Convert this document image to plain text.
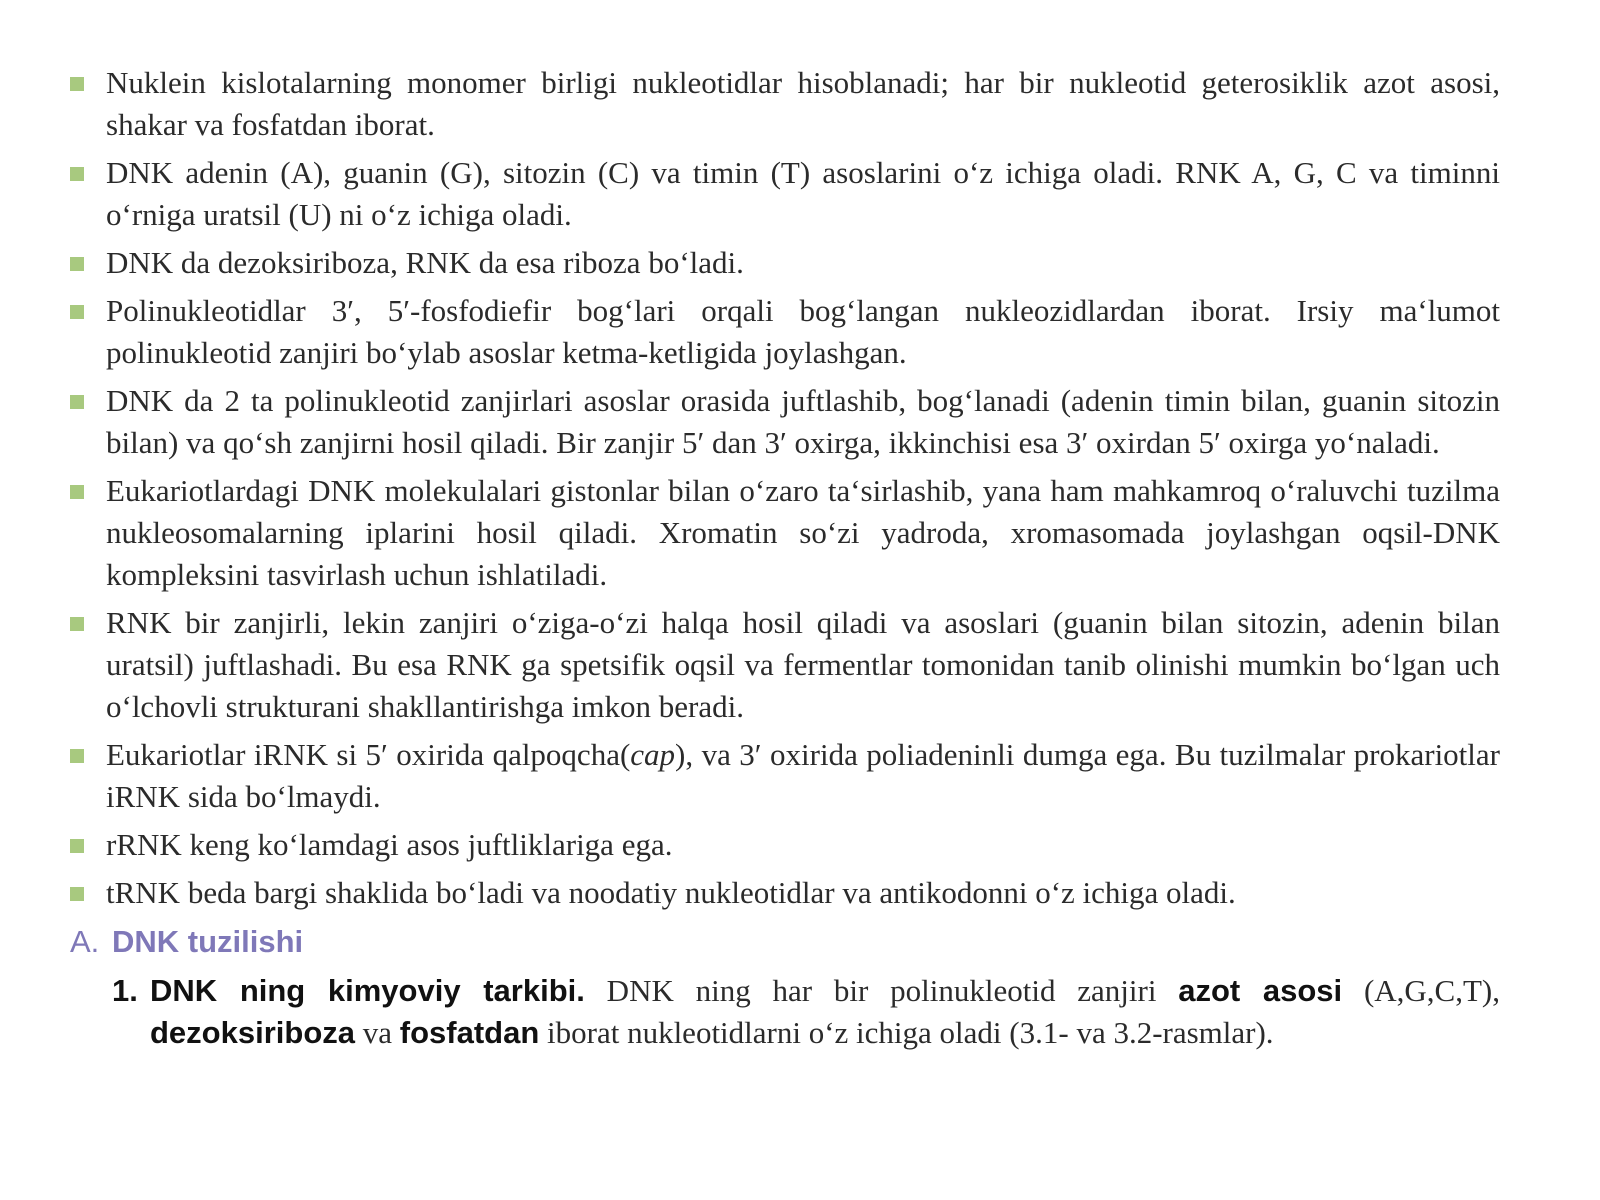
Nuklein kislotalarning monomer birligi nukleotidlar hisoblanadi; har bir nukleotid geterosiklik azot asosi, shakar va fosfatdan iborat.
DNK adenin (A), guanin (G), sitozin (C) va timin (T) asoslarini o‘z ichiga oladi. RNK A, G, C va timinni o‘rniga uratsil (U) ni o‘z ichiga oladi.
DNK da dezoksiriboza, RNK da esa riboza bo‘ladi.
Polinukleotidlar 3′, 5′-fosfodiefir bog‘lari orqali bog‘langan nukleozidlardan iborat. Irsiy ma‘lumot polinukleotid zanjiri bo‘ylab asoslar ketma-ketligida joylashgan.
DNK da 2 ta polinukleotid zanjirlari asoslar orasida juftlashib, bog‘lanadi (adenin timin bilan, guanin sitozin bilan) va qo‘sh zanjirni hosil qiladi. Bir zanjir 5′ dan 3′ oxirga, ikkinchisi esa 3′ oxirdan 5′ oxirga yo‘naladi.
Eukariotlardagi DNK molekulalari gistonlar bilan o‘zaro ta‘sirlashib, yana ham mahkamroq o‘raluvchi tuzilma nukleosomalarning iplarini hosil qiladi. Xromatin so‘zi yadroda, xromasomada joylashgan oqsil-DNK kompleksini tasvirlash uchun ishlatiladi.
RNK bir zanjirli, lekin zanjiri o‘ziga-o‘zi halqa hosil qiladi va asoslari (guanin bilan sitozin, adenin bilan uratsil) juftlashadi. Bu esa RNK ga spetsifik oqsil va fermentlar tomonidan tanib olinishi mumkin bo‘lgan uch o‘lchovli strukturani shakllantirishga imkon beradi.
Eukariotlar iRNK si 5′ oxirida qalpoqcha(cap), va 3′ oxirida poliadeninli dumga ega. Bu tuzilmalar prokariotlar iRNK sida bo‘lmaydi.
rRNK keng ko‘lamdagi asos juftliklariga ega.
tRNK beda bargi shaklida bo‘ladi va noodatiy nukleotidlar va antikodonni o‘z ichiga oladi.
A. DNK tuzilishi
1. DNK ning kimyoviy tarkibi. DNK ning har bir polinukleotid zanjiri azot asosi (A,G,C,T), dezoksiriboza va fosfatdan iborat nukleotidlarni o‘z ichiga oladi (3.1- va 3.2-rasmlar).
